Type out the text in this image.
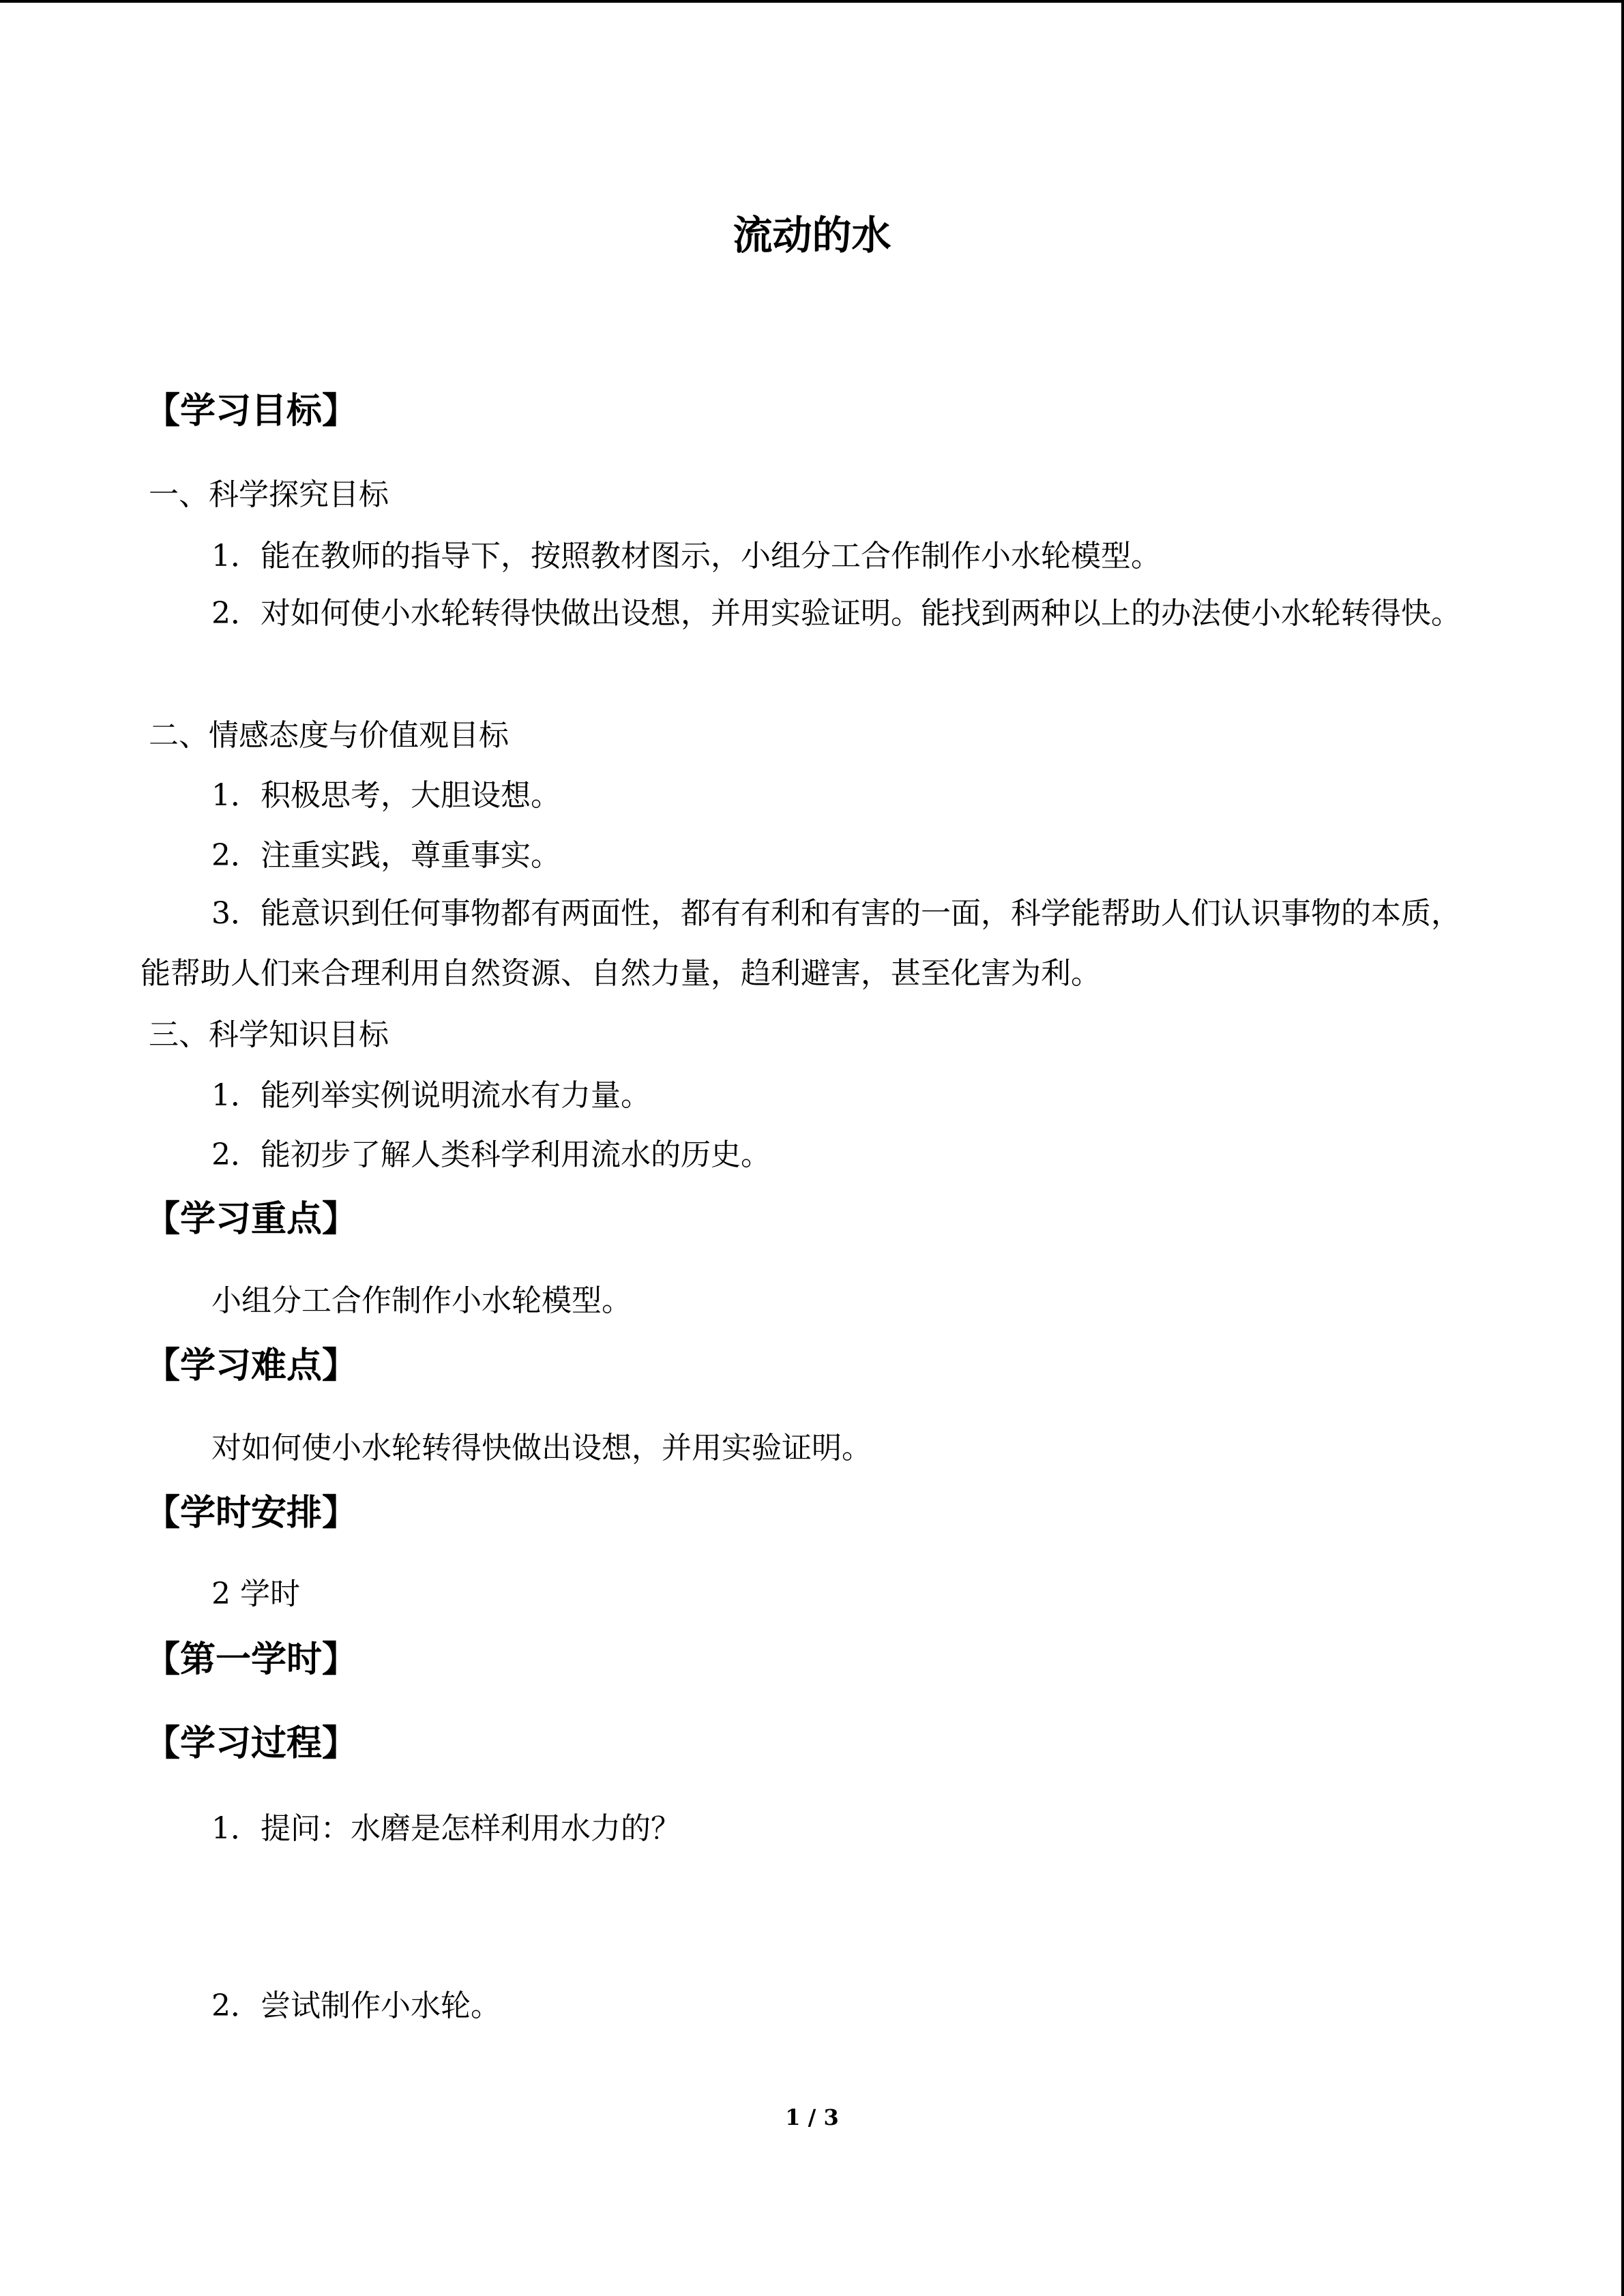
流动的水
【学习目标】
一、科学探究目标
1．能在教师的指导下，按照教材图示，小组分工合作制作小水轮模型。

2．对如何使小水轮转得快做出设想，并用实验证明。能找到两种以上的办法使小水轮转得快。

二、情感态度与价值观目标
1．积极思考，大胆设想。
2．注重实践，尊重事实。

3．能意识到任何事物都有两面性，都有有利和有害的一面，科学能帮助人们认识事物的本质，能帮助人们来合理利用自然资源、自然力量，趋利避害，甚至化害为利。

三、科学知识目标
1．能列举实例说明流水有力量。
2．能初步了解人类科学利用流水的历史。
【学习重点】
小组分工合作制作小水轮模型。
【学习难点】
对如何使小水轮转得快做出设想，并用实验证明。
【学时安排】
2 学时
【第一学时】
【学习过程】
1．提问：水磨是怎样利用水力的？
2．尝试制作小水轮。
1 / 3
